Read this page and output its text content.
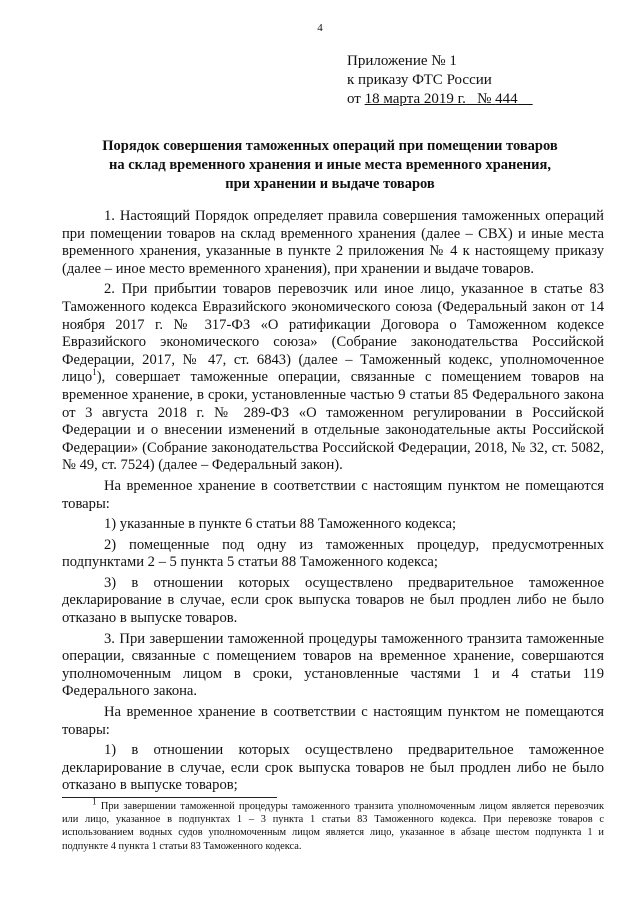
4
Приложение № 1
к приказу ФТС России
от 18 марта 2019 г.   № 444
Порядок совершения таможенных операций при помещении товаров
на склад временного хранения и иные места временного хранения,
при хранении и выдаче товаров

1. Настоящий Порядок определяет правила совершения таможенных операций при помещении товаров на склад временного хранения (далее – СВХ) и иные места временного хранения, указанные в пункте 2 приложения № 4 к настоящему приказу (далее – иное место временного хранения), при хранении и выдаче товаров.

2. При прибытии товаров перевозчик или иное лицо, указанное в статье 83 Таможенного кодекса Евразийского экономического союза (Федеральный закон от 14 ноября 2017 г. № 317-ФЗ «О ратификации Договора о Таможенном кодексе Евразийского экономического союза» (Собрание законодательства Российской Федерации, 2017, № 47, ст. 6843) (далее – Таможенный кодекс, уполномоченное лицо$^1$), совершает таможенные операции, связанные с помещением товаров на временное хранение, в сроки, установленные частью 9 статьи 85 Федерального закона от 3 августа 2018 г. № 289-ФЗ «О таможенном регулировании в Российской Федерации и о внесении изменений в отдельные законодательные акты Российской Федерации» (Собрание законодательства Российской Федерации, 2018, № 32, ст. 5082, № 49, ст. 7524) (далее – Федеральный закон).

На временное хранение в соответствии с настоящим пунктом не помещаются товары:

1) указанные в пункте 6 статьи 88 Таможенного кодекса;

2) помещенные под одну из таможенных процедур, предусмотренных подпунктами 2 – 5 пункта 5 статьи 88 Таможенного кодекса;

3) в отношении которых осуществлено предварительное таможенное декларирование в случае, если срок выпуска товаров не был продлен либо не было отказано в выпуске товаров.

3. При завершении таможенной процедуры таможенного транзита таможенные операции, связанные с помещением товаров на временное хранение, совершаются уполномоченным лицом в сроки, установленные частями 1 и 4 статьи 119 Федерального закона.

На временное хранение в соответствии с настоящим пунктом не помещаются товары:

1) в отношении которых осуществлено предварительное таможенное декларирование в случае, если срок выпуска товаров не был продлен либо не было отказано в выпуске товаров;

$^1$ При завершении таможенной процедуры таможенного транзита уполномоченным лицом является перевозчик или лицо, указанное в подпунктах 1 – 3 пункта 1 статьи 83 Таможенного кодекса. При перевозке товаров с использованием водных судов уполномоченным лицом является лицо, указанное в абзаце шестом подпункта 1 и подпункте 4 пункта 1 статьи 83 Таможенного кодекса.
